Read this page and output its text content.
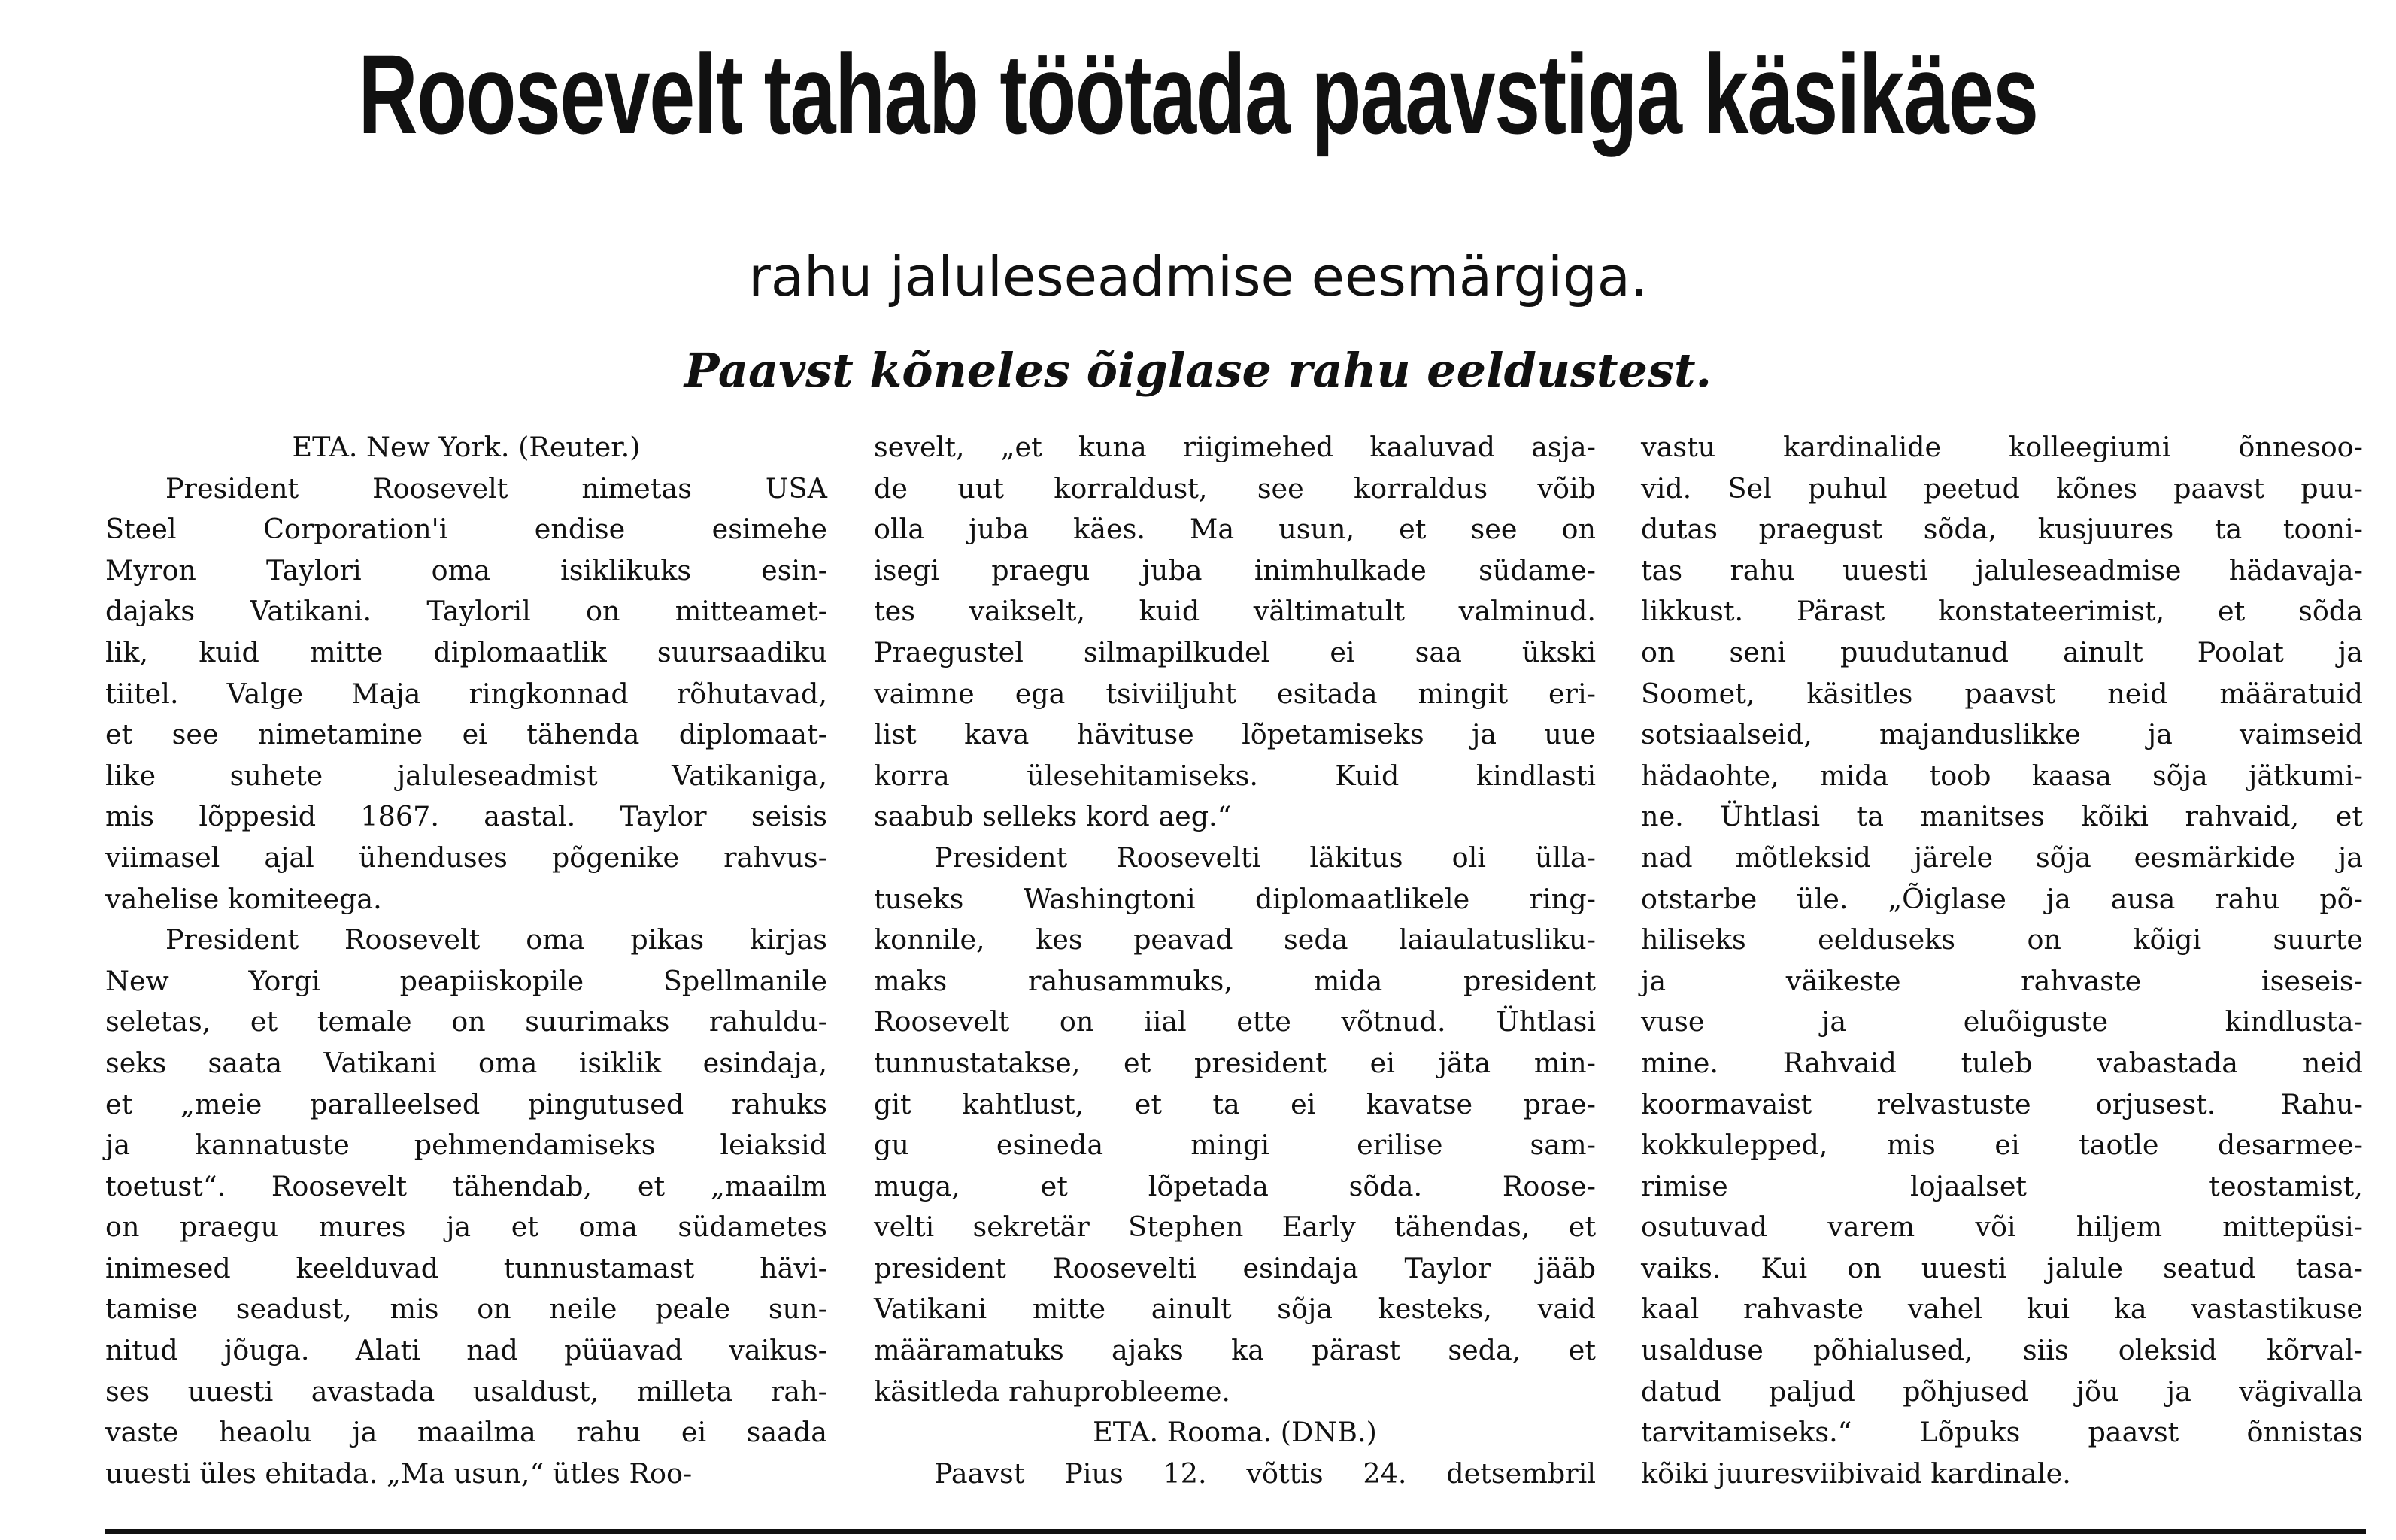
Roosevelt tahab töötada paavstiga käsikäes
rahu jaluleseadmise eesmärgiga.
Paavst kõneles õiglase rahu eeldustest.
ETA. New York. (Reuter.)
President Roosevelt nimetas USA
Steel Corporation'i endise esimehe
Myron Taylori oma isiklikuks esin-
dajaks Vatikani. Tayloril on mitteamet-
lik, kuid mitte diplomaatlik suursaadiku
tiitel. Valge Maja ringkonnad rõhutavad,
et see nimetamine ei tähenda diplomaat-
like suhete jaluleseadmist Vatikaniga,
mis lõppesid 1867. aastal. Taylor seisis
viimasel ajal ühenduses põgenike rahvus-
vahelise komiteega.
President Roosevelt oma pikas kirjas
New Yorgi peapiiskopile Spellmanile
seletas, et temale on suurimaks rahuldu-
seks saata Vatikani oma isiklik esindaja,
et „meie paralleelsed pingutused rahuks
ja kannatuste pehmendamiseks leiaksid
toetust“. Roosevelt tähendab, et „maailm
on praegu mures ja et oma südametes
inimesed keelduvad tunnustamast hävi-
tamise seadust, mis on neile peale sun-
nitud jõuga. Alati nad püüavad vaikus-
ses uuesti avastada usaldust, milleta rah-
vaste heaolu ja maailma rahu ei saada
uuesti üles ehitada. „Ma usun,“ ütles Roo-
sevelt, „et kuna riigimehed kaaluvad asja-
de uut korraldust, see korraldus võib
olla juba käes. Ma usun, et see on
isegi praegu juba inimhulkade südame-
tes vaikselt, kuid vältimatult valminud.
Praegustel silmapilkudel ei saa ükski
vaimne ega tsiviiljuht esitada mingit eri-
list kava hävituse lõpetamiseks ja uue
korra ülesehitamiseks. Kuid kindlasti
saabub selleks kord aeg.“
President Roosevelti läkitus oli üllа-
tuseks Washingtoni diplomaatlikele ring-
konnile, kes peavad seda laiaulatusliku-
maks rahusammuks, mida president
Roosevelt on iial ette võtnud. Ühtlasi
tunnustatakse, et president ei jäta min-
git kahtlust, et ta ei kavatse prae-
gu esineda mingi erilise sam-
muga, et lõpetada sõda. Roose-
velti sekretär Stephen Early tähendas, et
president Roosevelti esindaja Taylor jääb
Vatikani mitte ainult sõja kesteks, vaid
määramatuks ajaks ka pärast seda, et
käsitleda rahuprobleeme.
ETA. Rooma. (DNB.)
Paavst Pius 12. võttis 24. detsembril
vastu kardinalide kolleegiumi õnnesoo-
vid. Sel puhul peetud kõnes paavst puu-
dutas praegust sõda, kusjuures ta tooni-
tas rahu uuesti jaluleseadmise hädavaja-
likkust. Pärast konstateerimist, et sõda
on seni puudutanud ainult Poolat ja
Soomet, käsitles paavst neid määratuid
sotsiaalseid, majanduslikke ja vaimseid
hädaohte, mida toob kaasa sõja jätkumi-
ne. Ühtlasi ta manitses kõiki rahvaid, et
nad mõtleksid järele sõja eesmärkide ja
otstarbe üle. „Õiglase ja ausa rahu põ-
hiliseks eelduseks on kõigi suurte
ja väikeste rahvaste iseseis-
vuse ja eluõiguste kindlusta-
mine. Rahvaid tuleb vabastada neid
koormavaist relvastuste orjusest. Rahu-
kokkulepped, mis ei taotle desarmee-
rimise lojaalset teostamist,
osutuvad varem või hiljem mittepüsi-
vaiks. Kui on uuesti jalule seatud tasa-
kaal rahvaste vahel kui ka vastastikuse
usalduse põhialused, siis oleksid kõrval-
datud paljud põhjused jõu ja vägivalla
tarvitamiseks.“ Lõpuks paavst õnnistas
kõiki juuresviibivaid kardinale.
